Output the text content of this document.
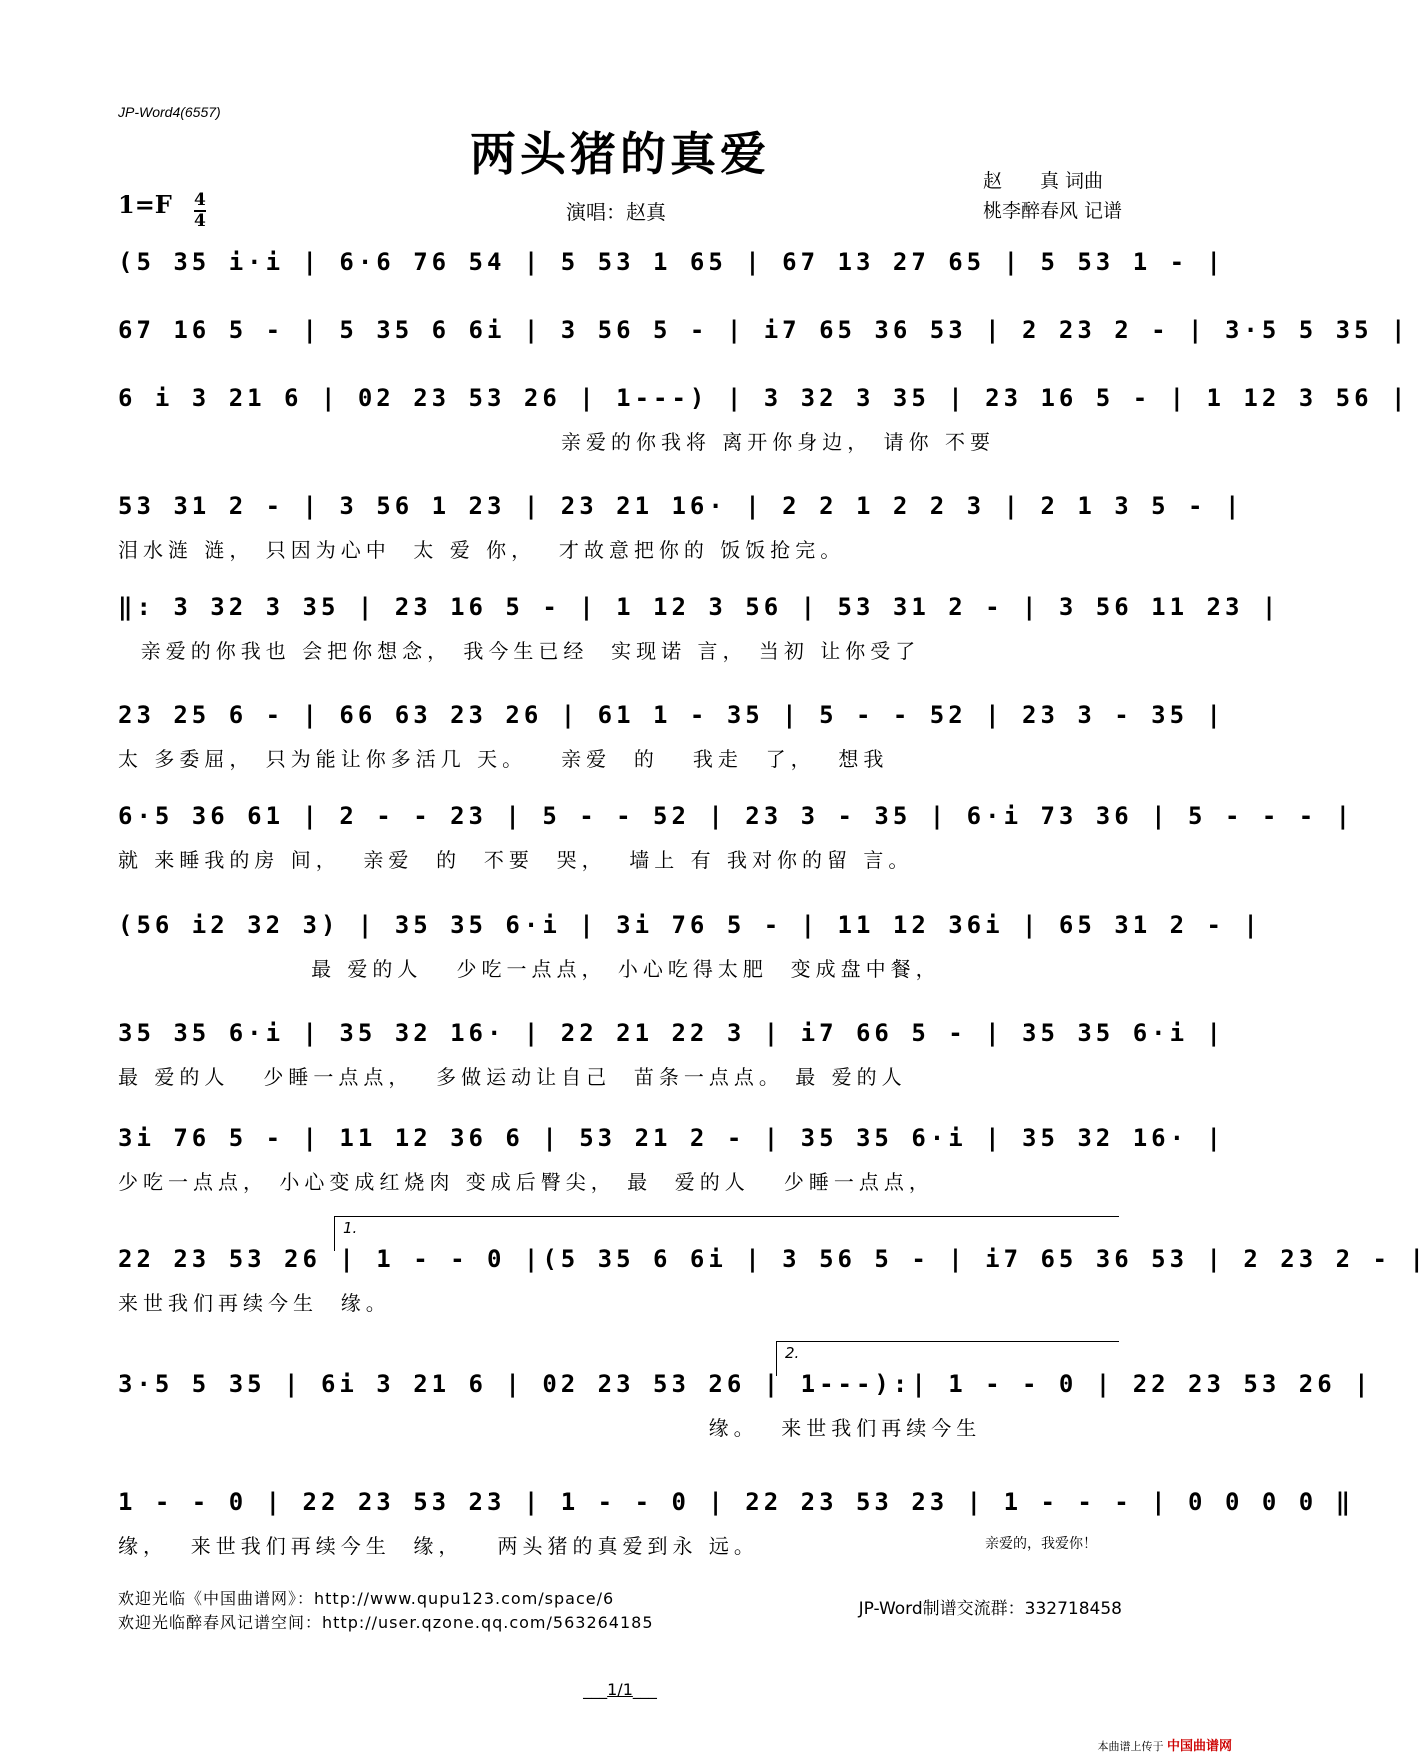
JP-Word4(6557)
两头猪的真爱	赵　　真 词曲
桃李醉春风 记谱
1=F 4
4	演唱：赵真
(5 35 i·i | 6·6 76 54 | 5 53 1 65 | 67 13 27 65 | 5 53 1 - |
67 16 5 - | 5 35 6 6i | 3 56 5 - | i7 65 36 53 | 2 23 2 - | 3·5 5 35 |
6 i 3 21 6 | 02 23 53 26 | 1---) | 3 32 3 35 | 23 16 5 - | 1 12 3 56 |
亲爱的你我将 离开你身边， 请你 不要
53 31 2 - | 3 56 1 23 | 23 21 16· | 2 2 1 2 2 3 | 2 1 3 5 - |
泪水涟 涟， 只因为心中  太 爱 你，  才故意把你的 饭饭抢完。
‖: 3 32 3 35 | 23 16 5 - | 1 12 3 56 | 53 31 2 - | 3 56 11 23 |
亲爱的你我也 会把你想念， 我今生已经  实现诺 言， 当初 让你受了
23 25 6 - | 66 63 23 26 | 61 1 - 35 | 5 - - 52 | 23 3 - 35 |
太 多委屈， 只为能让你多活几 天。   亲爱  的   我走  了，  想我
6·5 36 61 | 2 - - 23 | 5 - - 52 | 23 3 - 35 | 6·i 73 36 | 5 - - - |
就 来睡我的房 间，  亲爱  的  不要  哭，  墙上 有 我对你的留 言。
(56 i2 32 3) | 35 35 6·i | 3i 76 5 - | 11 12 36i | 65 31 2 - |
最 爱的人   少吃一点点， 小心吃得太肥  变成盘中餐，
35 35 6·i | 35 32 16· | 22 21 22 3 | i7 66 5 - | 35 35 6·i |
最 爱的人   少睡一点点，  多做运动让自己  苗条一点点。 最 爱的人
3i 76 5 - | 11 12 36 6 | 53 21 2 - | 35 35 6·i | 35 32 16· |
少吃一点点， 小心变成红烧肉 变成后臀尖， 最  爱的人   少睡一点点，
1.
22 23 53 26 | 1 - - 0 |(5 35 6 6i | 3 56 5 - | i7 65 36 53 | 2 23 2 - |
来世我们再续今生  缘。
2.
3·5 5 35 | 6i 3 21 6 | 02 23 53 26 | 1---):| 1 - - 0 | 22 23 53 26 |
缘。  来世我们再续今生
1 - - 0 | 22 23 53 23 | 1 - - 0 | 22 23 53 23 | 1 - - - | 0 0 0 0 ‖
缘，  来世我们再续今生  缘，   两头猪的真爱到永 远。	亲爱的，我爱你！
欢迎光临《中国曲谱网》：http://www.qupu123.com/space/6
欢迎光临醉春风记谱空间：http://user.qzone.qq.com/563264185
JP-Word制谱交流群：332718458
___1/1___
本曲谱上传于 中国曲谱网
